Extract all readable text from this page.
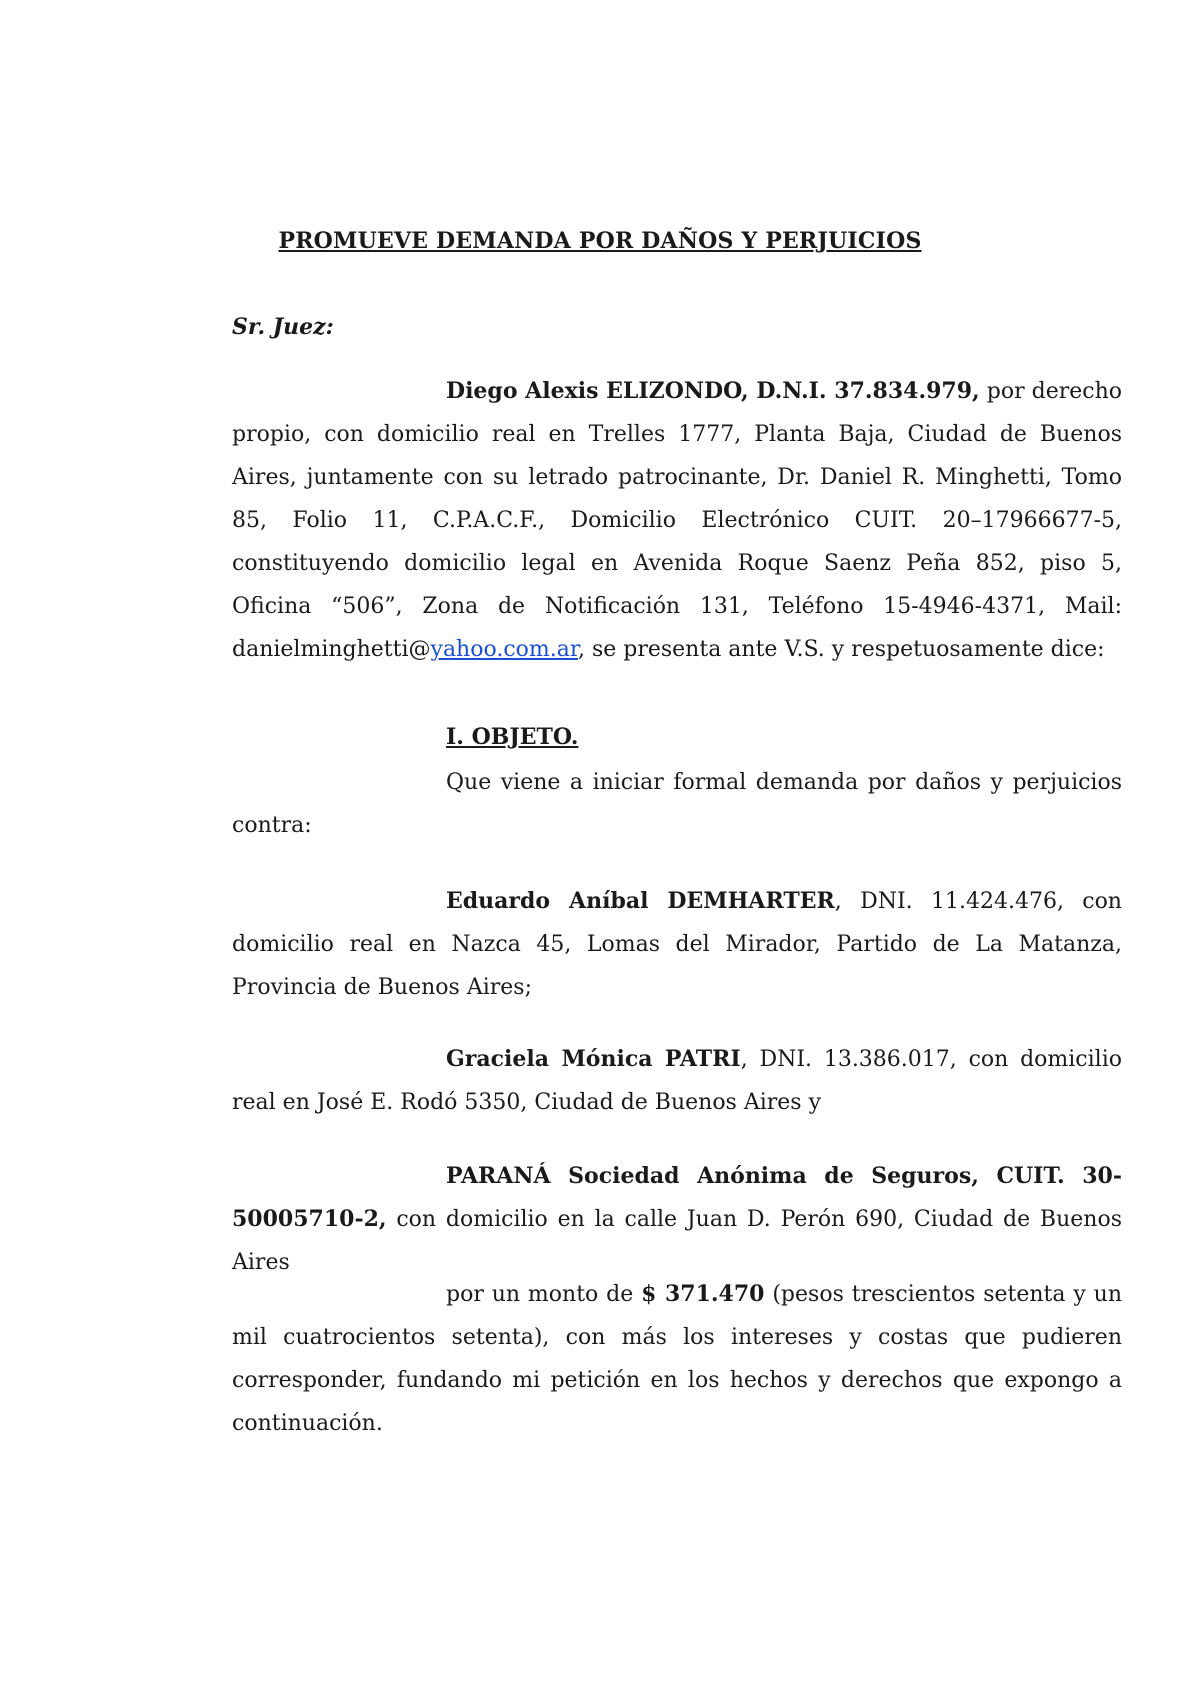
PROMUEVE DEMANDA POR DAÑOS Y PERJUICIOS
Sr. Juez:
Diego Alexis ELIZONDO, D.N.I. 37.834.979, por derecho propio, con domicilio real en Trelles 1777, Planta Baja, Ciudad de Buenos Aires, juntamente con su letrado patrocinante, Dr. Daniel R. Minghetti, Tomo 85, Folio 11, C.P.A.C.F., Domicilio Electrónico CUIT. 20–17966677-5, constituyendo domicilio legal en Avenida Roque Saenz Peña 852, piso 5, Oficina “506”, Zona de Notificación 131, Teléfono 15-4946-4371, Mail: danielminghetti@yahoo.com.ar, se presenta ante V.S. y respetuosamente dice:
I. OBJETO.
Que viene a iniciar formal demanda por daños y perjuicios contra:
Eduardo Aníbal DEMHARTER, DNI. 11.424.476, con domicilio real en Nazca 45, Lomas del Mirador, Partido de La Matanza, Provincia de Buenos Aires;
Graciela Mónica PATRI, DNI. 13.386.017, con domicilio real en José E. Rodó 5350, Ciudad de Buenos Aires y
PARANÁ Sociedad Anónima de Seguros, CUIT. 30-50005710-2, con domicilio en la calle Juan D. Perón 690, Ciudad de Buenos Aires
por un monto de $ 371.470 (pesos trescientos setenta y un mil cuatrocientos setenta), con más los intereses y costas que pudieren corresponder, fundando mi petición en los hechos y derechos que expongo a continuación.
